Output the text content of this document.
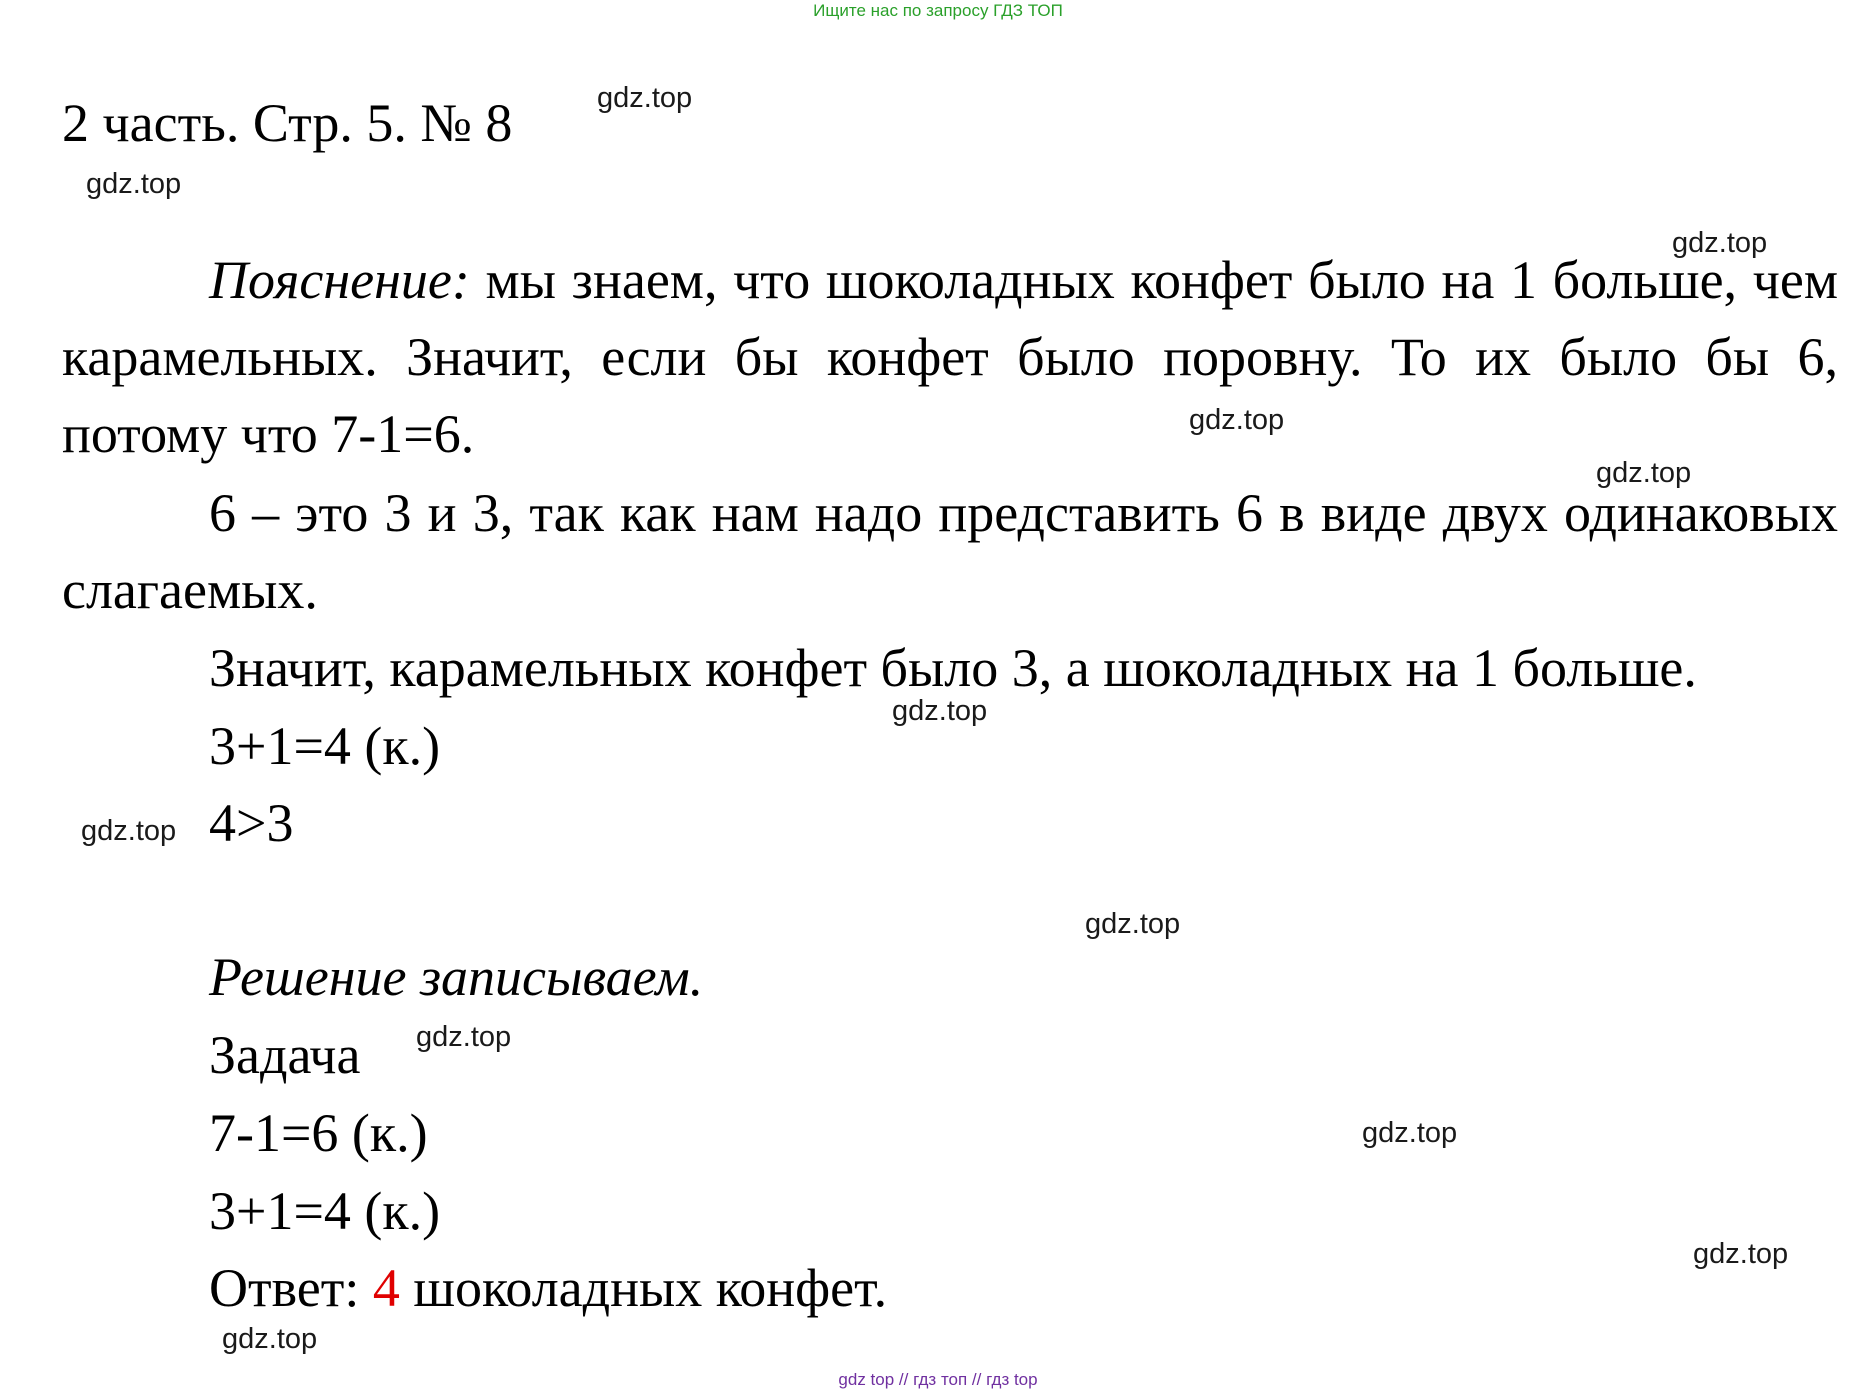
Ищите нас по запросу ГДЗ ТОП
2 часть. Стр. 5. № 8
Пояснение: мы знаем, что шоколадных конфет было на 1 больше, чем карамельных. Значит, если бы конфет было поровну. То их было бы 6, потому что 7-1=6.
6 – это 3 и 3, так как нам надо представить 6 в виде двух одинаковых слагаемых.
Значит, карамельных конфет было 3, а шоколадных на 1 больше.
3+1=4 (к.)
4>3
Решение записываем.
Задача
7-1=6 (к.)
3+1=4 (к.)
Ответ: 4 шоколадных конфет.
gdz.top
gdz.top
gdz.top
gdz.top
gdz.top
gdz.top
gdz.top
gdz.top
gdz.top
gdz.top
gdz.top
gdz.top
gdz top // гдз топ // гдз top
